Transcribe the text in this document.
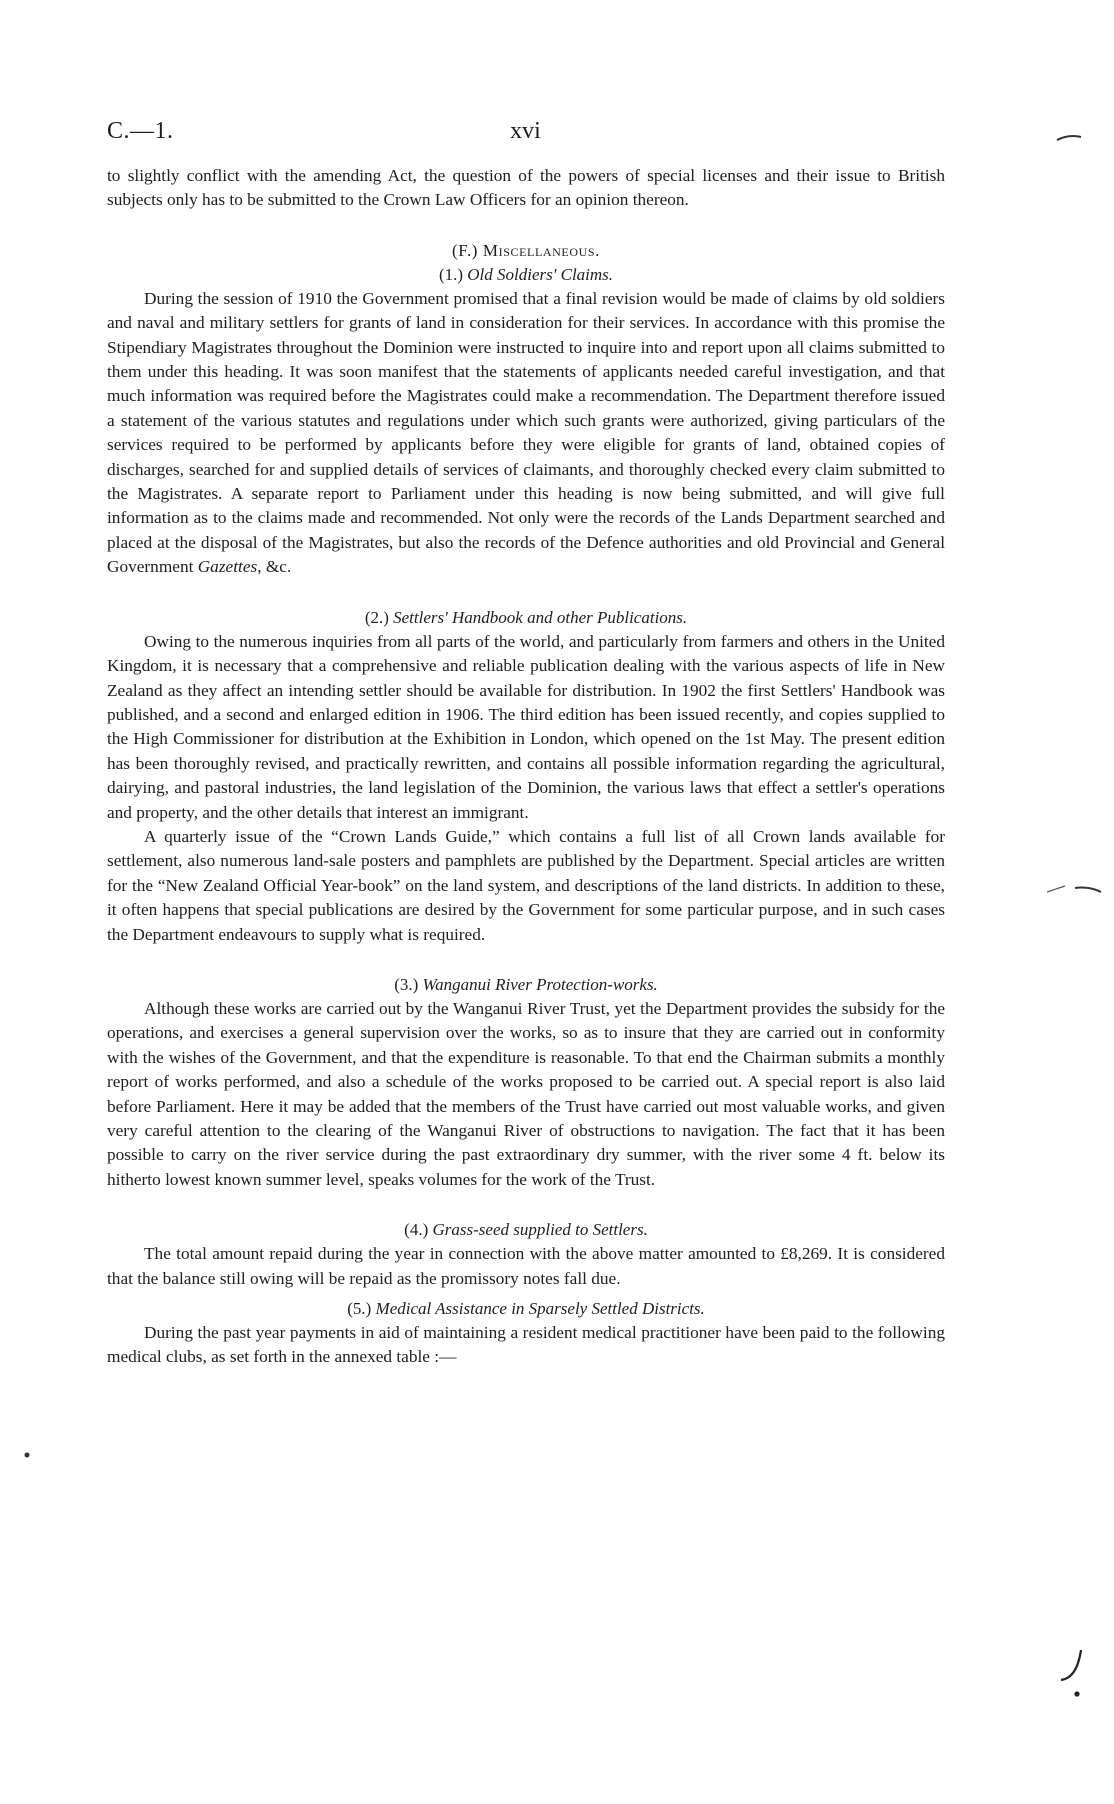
C.—1.	xvi

to slightly conflict with the amending Act, the question of the powers of special licenses and their issue to British subjects only has to be submitted to the Crown Law Officers for an opinion thereon.

(F.) Miscellaneous.
(1.) Old Soldiers' Claims.

During the session of 1910 the Government promised that a final revision would be made of claims by old soldiers and naval and military settlers for grants of land in consideration for their services. In accordance with this promise the Stipendiary Magistrates throughout the Dominion were instructed to inquire into and report upon all claims submitted to them under this heading. It was soon manifest that the statements of applicants needed careful investigation, and that much information was required before the Magistrates could make a recommendation. The Department therefore issued a statement of the various statutes and regulations under which such grants were authorized, giving particulars of the services required to be performed by applicants before they were eligible for grants of land, obtained copies of discharges, searched for and supplied details of services of claimants, and thoroughly checked every claim submitted to the Magistrates. A separate report to Parliament under this heading is now being submitted, and will give full information as to the claims made and recommended. Not only were the records of the Lands Department searched and placed at the disposal of the Magistrates, but also the records of the Defence authorities and old Provincial and General Government Gazettes, &c.

(2.) Settlers' Handbook and other Publications.

Owing to the numerous inquiries from all parts of the world, and particularly from farmers and others in the United Kingdom, it is necessary that a comprehensive and reliable publication dealing with the various aspects of life in New Zealand as they affect an intending settler should be available for distribution. In 1902 the first Settlers' Handbook was published, and a second and enlarged edition in 1906. The third edition has been issued recently, and copies supplied to the High Commissioner for distribution at the Exhibition in London, which opened on the 1st May. The present edition has been thoroughly revised, and practically rewritten, and contains all possible information regarding the agricultural, dairying, and pastoral industries, the land legislation of the Dominion, the various laws that effect a settler's operations and property, and the other details that interest an immigrant.

A quarterly issue of the “Crown Lands Guide,” which contains a full list of all Crown lands available for settlement, also numerous land-sale posters and pamphlets are published by the Department. Special articles are written for the “New Zealand Official Year-book” on the land system, and descriptions of the land districts. In addition to these, it often happens that special publications are desired by the Government for some particular purpose, and in such cases the Department endeavours to supply what is required.

(3.) Wanganui River Protection-works.

Although these works are carried out by the Wanganui River Trust, yet the Department provides the subsidy for the operations, and exercises a general supervision over the works, so as to insure that they are carried out in conformity with the wishes of the Government, and that the expenditure is reasonable. To that end the Chairman submits a monthly report of works performed, and also a schedule of the works proposed to be carried out. A special report is also laid before Parliament. Here it may be added that the members of the Trust have carried out most valuable works, and given very careful attention to the clearing of the Wanganui River of obstructions to navigation. The fact that it has been possible to carry on the river service during the past extraordinary dry summer, with the river some 4 ft. below its hitherto lowest known summer level, speaks volumes for the work of the Trust.

(4.) Grass-seed supplied to Settlers.

The total amount repaid during the year in connection with the above matter amounted to £8,269. It is considered that the balance still owing will be repaid as the promissory notes fall due.

(5.) Medical Assistance in Sparsely Settled Districts.

During the past year payments in aid of maintaining a resident medical practitioner have been paid to the following medical clubs, as set forth in the annexed table :—
